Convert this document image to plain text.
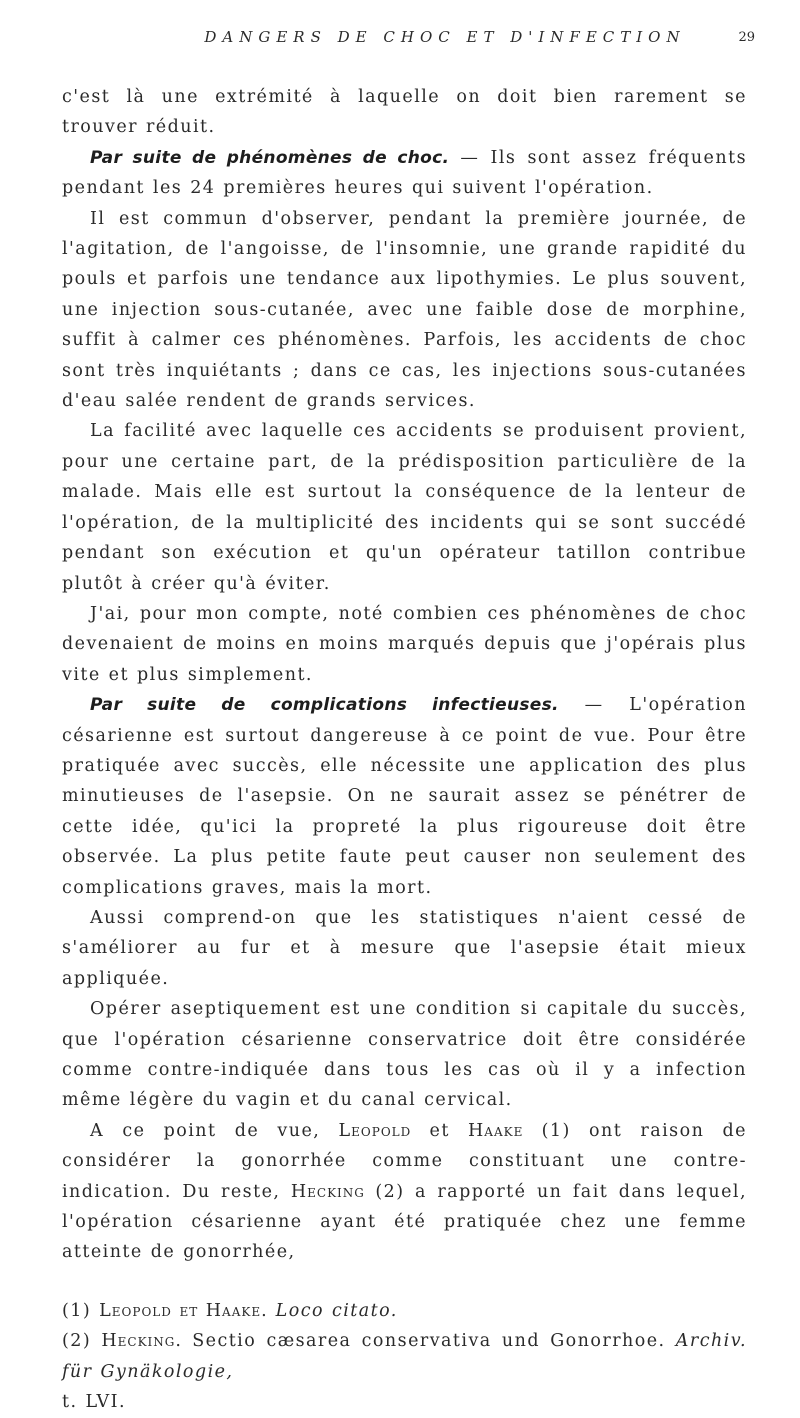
DANGERS DE CHOC ET D'INFECTION	29

c'est là une extrémité à laquelle on doit bien rarement se trouver réduit.

Par suite de phénomènes de choc. — Ils sont assez fréquents pendant les 24 premières heures qui suivent l'opération.

Il est commun d'observer, pendant la première journée, de l'agitation, de l'angoisse, de l'insomnie, une grande rapidité du pouls et parfois une tendance aux lipothymies. Le plus souvent, une injection sous-cutanée, avec une faible dose de morphine, suffit à calmer ces phénomènes. Parfois, les accidents de choc sont très inquiétants ; dans ce cas, les injections sous-cutanées d'eau salée rendent de grands services.

La facilité avec laquelle ces accidents se produisent provient, pour une certaine part, de la prédisposition particulière de la malade. Mais elle est surtout la conséquence de la lenteur de l'opération, de la multiplicité des incidents qui se sont succédé pendant son exécution et qu'un opérateur tatillon contribue plutôt à créer qu'à éviter.

J'ai, pour mon compte, noté combien ces phénomènes de choc devenaient de moins en moins marqués depuis que j'opérais plus vite et plus simplement.

Par suite de complications infectieuses. — L'opération césarienne est surtout dangereuse à ce point de vue. Pour être pratiquée avec succès, elle nécessite une application des plus minutieuses de l'asepsie. On ne saurait assez se pénétrer de cette idée, qu'ici la propreté la plus rigoureuse doit être observée. La plus petite faute peut causer non seulement des complications graves, mais la mort.

Aussi comprend-on que les statistiques n'aient cessé de s'améliorer au fur et à mesure que l'asepsie était mieux appliquée.

Opérer aseptiquement est une condition si capitale du succès, que l'opération césarienne conservatrice doit être considérée comme contre-indiquée dans tous les cas où il y a infection même légère du vagin et du canal cervical.

A ce point de vue, Leopold et Haake (1) ont raison de considérer la gonorrhée comme constituant une contre-indication. Du reste, Hecking (2) a rapporté un fait dans lequel, l'opération césarienne ayant été pratiquée chez une femme atteinte de gonorrhée,

(1) Leopold et Haake. Loco citato.

(2) Hecking. Sectio cæsarea conservativa und Gonorrhoe. Archiv. für Gynäkologie,

t. LVI.
